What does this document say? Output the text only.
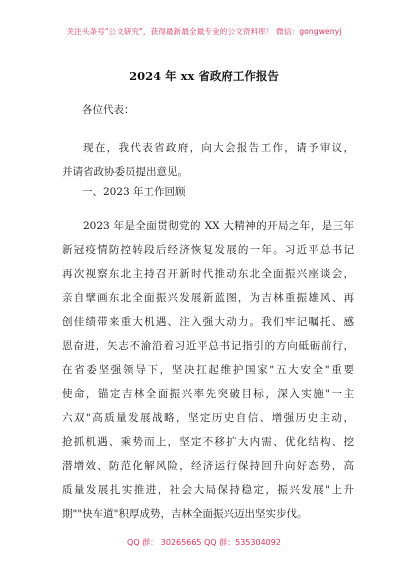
关注头条号"公文研究"，获得最新最全最专业的公文资料库！ 微信：gongwenyj
2024 年 xx 省政府工作报告
各位代表：
现在，我代表省政府，向大会报告工作，请予审议，
并请省政协委员提出意见。
一、2023 年工作回顾
2023 年是全面贯彻党的 XX 大精神的开局之年，是三年
新冠疫情防控转段后经济恢复发展的一年。习近平总书记
再次视察东北主持召开新时代推动东北全面振兴座谈会，
亲自擘画东北全面振兴发展新蓝图，为吉林重振雄风、再
创佳绩带来重大机遇、注入强大动力。我们牢记嘱托、感
恩奋进，矢志不渝沿着习近平总书记指引的方向砥砺前行，
在省委坚强领导下，坚决扛起维护国家"五大安全"重要
使命，锚定吉林全面振兴率先突破目标，深入实施"一主
六双"高质量发展战略，坚定历史自信、增强历史主动，
抢抓机遇、乘势而上，坚定不移扩大内需、优化结构、挖
潜增效、防范化解风险，经济运行保持回升向好态势，高
质量发展扎实推进，社会大局保持稳定，振兴发展"上升
期""快车道"积厚成势，吉林全面振兴迈出坚实步伐。
QQ 群： 30265665 QQ 群：535304092
